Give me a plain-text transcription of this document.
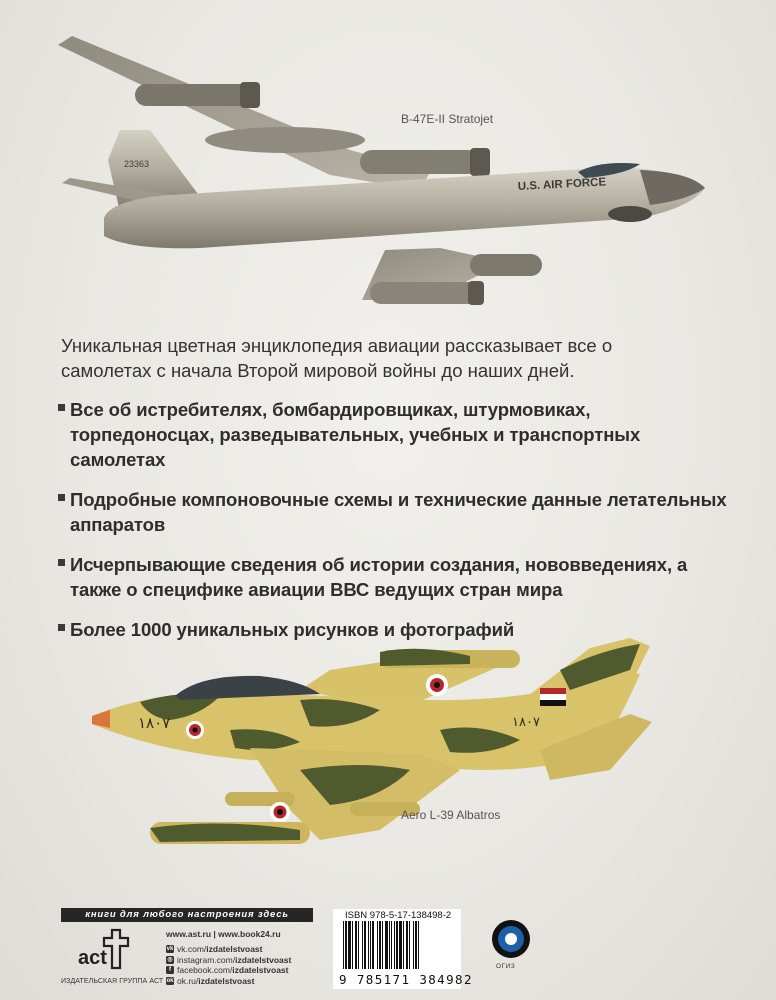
23363
U.S. AIR FORCE
B-47E-II Stratojet
Уникальная цветная энциклопедия авиации рассказывает все о самолетах с начала Второй мировой войны до наших дней.
Все об истребителях, бомбардировщиках, штурмовиках, торпедоносцах, разведывательных, учебных и транспортных самолетах
Подробные компоновочные схемы и технические данные летательных аппаратов
Исчерпывающие сведения об истории создания, нововведениях, а также о специфике авиации ВВС ведущих стран мира
Более 1000 уникальных рисунков и фотографий
١٨٠٧	١٨٠٧
Aero L-39 Albatros
книги для любого настроения здесь
act
ИЗДАТЕЛЬСКАЯ ГРУППА АСТ
www.ast.ru | www.book24.ru
vk vk.com/ izdatelstvoast
◎ instagram.com/ izdatelstvoast
f facebook.com/ izdatelstvoast
ok ok.ru/ izdatelstvoast
ISBN 978-5-17-138498-2
9 785171 384982
ОГИЗ
